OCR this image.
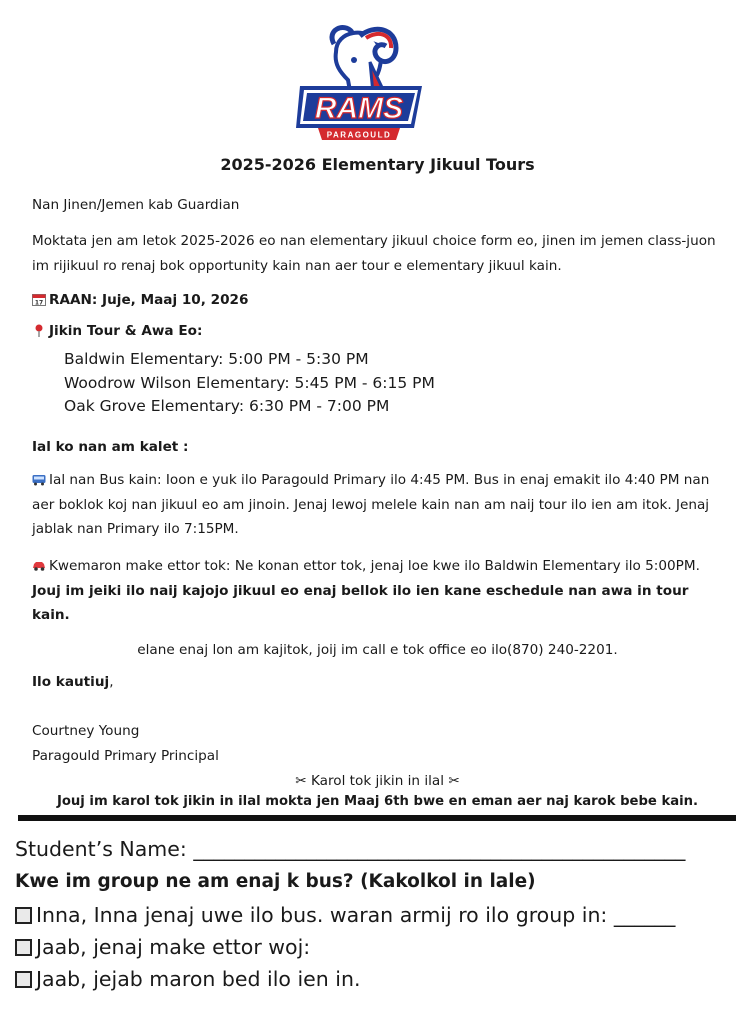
RAMS
PARAGOULD
2025-2026 Elementary Jikuul Tours
Nan Jinen/Jemen kab Guardian
Moktata jen am letok 2025-2026 eo nan elementary jikuul choice form eo, jinen im jemen class-juon im rijikuul ro renaj bok opportunity kain nan aer tour e elementary jikuul kain.
17 RAAN: Juje, Maaj 10, 2026
Jikin Tour & Awa Eo:
Baldwin Elementary: 5:00 PM - 5:30 PM
Woodrow Wilson Elementary: 5:45 PM - 6:15 PM
Oak Grove Elementary: 6:30 PM - 7:00 PM
Ial ko nan am kalet :
Ial nan Bus kain: Ioon e yuk ilo Paragould Primary ilo 4:45 PM. Bus in enaj emakit ilo 4:40 PM nan aer boklok koj nan jikuul eo am jinoin. Jenaj lewoj melele kain nan am naij tour ilo ien am itok. Jenaj jablak nan Primary ilo 7:15PM.
Kwemaron make ettor tok: Ne konan ettor tok, jenaj loe kwe ilo Baldwin Elementary ilo 5:00PM. Jouj im jeiki ilo naij kajojo jikuul eo enaj bellok ilo ien kane eschedule nan awa in tour kain.
elane enaj lon am kajitok, joij im call e tok office eo ilo(870) 240-2201.
Ilo kautiuj,
Courtney Young
Paragould Primary Principal
✂ Karol tok jikin in ilal ✂
Jouj im karol tok jikin in ilal mokta jen Maaj 6th bwe en eman aer naj karok bebe kain.
Student’s Name: ________________________________________________
Kwe im group ne am enaj k bus? (Kakolkol in lale)
Inna, Inna jenaj uwe ilo bus. waran armij ro ilo group in: ______
Jaab, jenaj make ettor woj:
Jaab, jejab maron bed ilo ien in.
